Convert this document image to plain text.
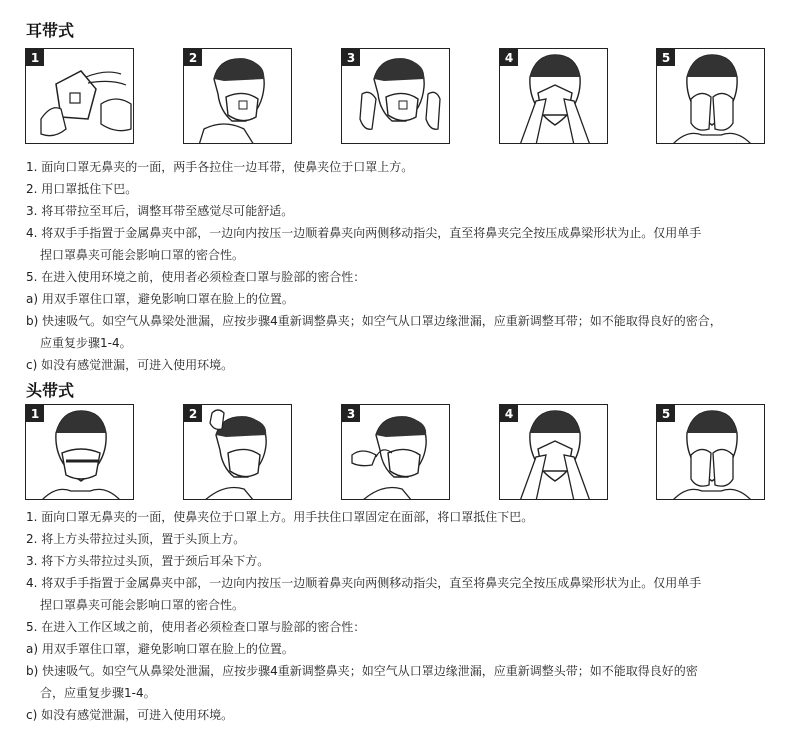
耳带式
1	2	3	4	5
1. 面向口罩无鼻夹的一面，两手各拉住一边耳带，使鼻夹位于口罩上方。
2. 用口罩抵住下巴。
3. 将耳带拉至耳后，调整耳带至感觉尽可能舒适。
4. 将双手手指置于金属鼻夹中部，一边向内按压一边顺着鼻夹向两侧移动指尖，直至将鼻夹完全按压成鼻梁形状为止。仅用单手
捏口罩鼻夹可能会影响口罩的密合性。
5. 在进入使用环境之前，使用者必须检查口罩与脸部的密合性：
a) 用双手罩住口罩，避免影响口罩在脸上的位置。
b) 快速吸气。如空气从鼻梁处泄漏，应按步骤4重新调整鼻夹；如空气从口罩边缘泄漏，应重新调整耳带；如不能取得良好的密合，
应重复步骤1-4。
c) 如没有感觉泄漏，可进入使用环境。
头带式
1	2	3	4	5
1. 面向口罩无鼻夹的一面，使鼻夹位于口罩上方。用手扶住口罩固定在面部，将口罩抵住下巴。
2. 将上方头带拉过头顶，置于头顶上方。
3. 将下方头带拉过头顶，置于颈后耳朵下方。
4. 将双手手指置于金属鼻夹中部，一边向内按压一边顺着鼻夹向两侧移动指尖，直至将鼻夹完全按压成鼻梁形状为止。仅用单手
捏口罩鼻夹可能会影响口罩的密合性。
5. 在进入工作区域之前，使用者必须检查口罩与脸部的密合性：
a) 用双手罩住口罩，避免影响口罩在脸上的位置。
b) 快速吸气。如空气从鼻梁处泄漏，应按步骤4重新调整鼻夹；如空气从口罩边缘泄漏，应重新调整头带；如不能取得良好的密
合，应重复步骤1-4。
c) 如没有感觉泄漏，可进入使用环境。
